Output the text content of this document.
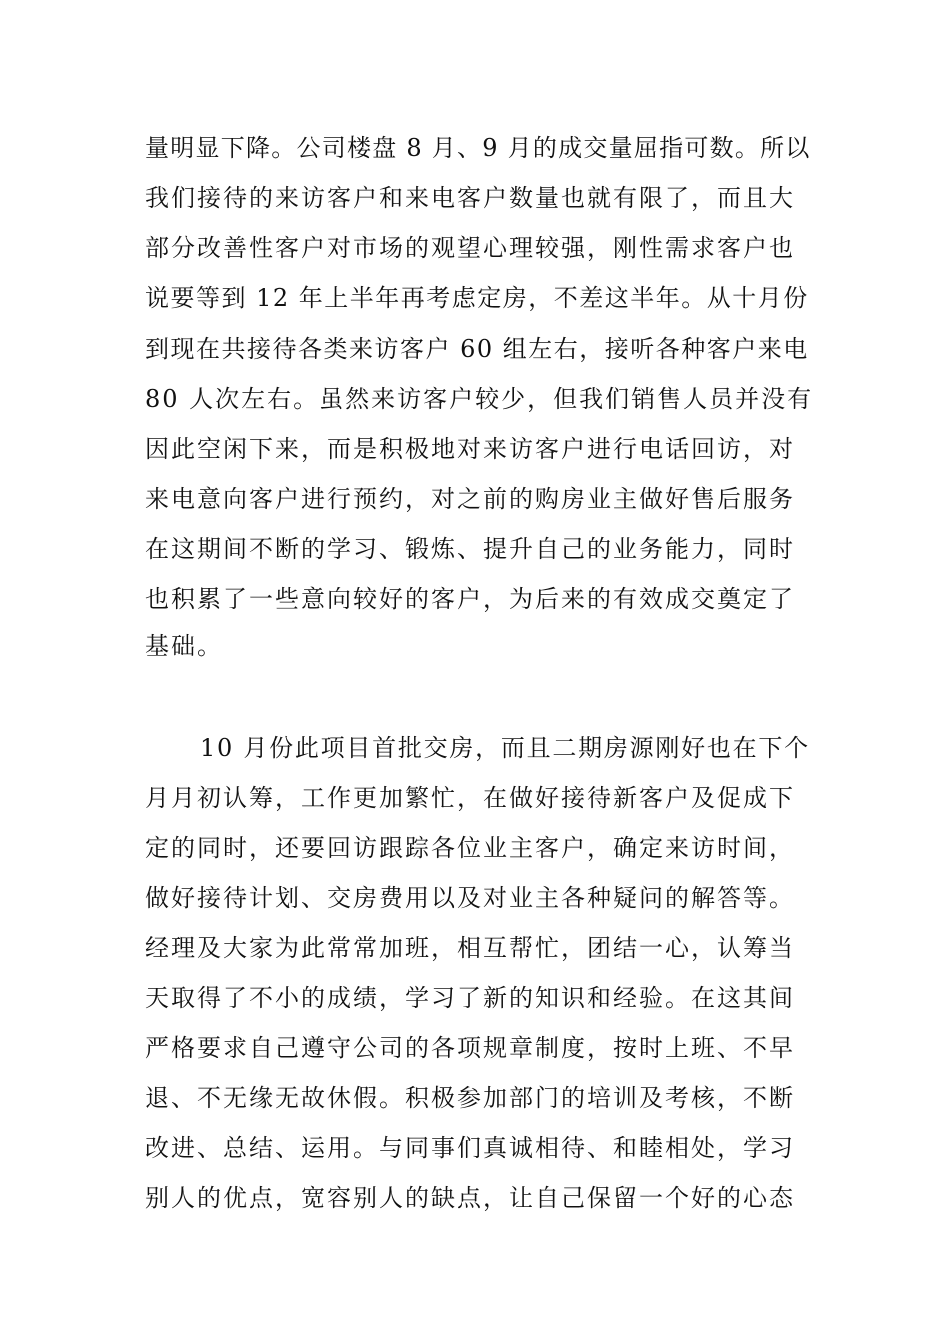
量明显下降。公司楼盘 8 月、9 月的成交量屈指可数。所以
我们接待的来访客户和来电客户数量也就有限了，而且大
部分改善性客户对市场的观望心理较强，刚性需求客户也
说要等到 12 年上半年再考虑定房，不差这半年。从十月份
到现在共接待各类来访客户 60 组左右，接听各种客户来电
80 人次左右。虽然来访客户较少，但我们销售人员并没有
因此空闲下来，而是积极地对来访客户进行电话回访，对
来电意向客户进行预约，对之前的购房业主做好售后服务
在这期间不断的学习、锻炼、提升自己的业务能力，同时
也积累了一些意向较好的客户，为后来的有效成交奠定了
基础。
10 月份此项目首批交房，而且二期房源刚好也在下个
月月初认筹，工作更加繁忙，在做好接待新客户及促成下
定的同时，还要回访跟踪各位业主客户，确定来访时间，
做好接待计划、交房费用以及对业主各种疑问的解答等。
经理及大家为此常常加班，相互帮忙，团结一心，认筹当
天取得了不小的成绩，学习了新的知识和经验。在这其间
严格要求自己遵守公司的各项规章制度，按时上班、不早
退、不无缘无故休假。积极参加部门的培训及考核，不断
改进、总结、运用。与同事们真诚相待、和睦相处，学习
别人的优点，宽容别人的缺点，让自己保留一个好的心态
